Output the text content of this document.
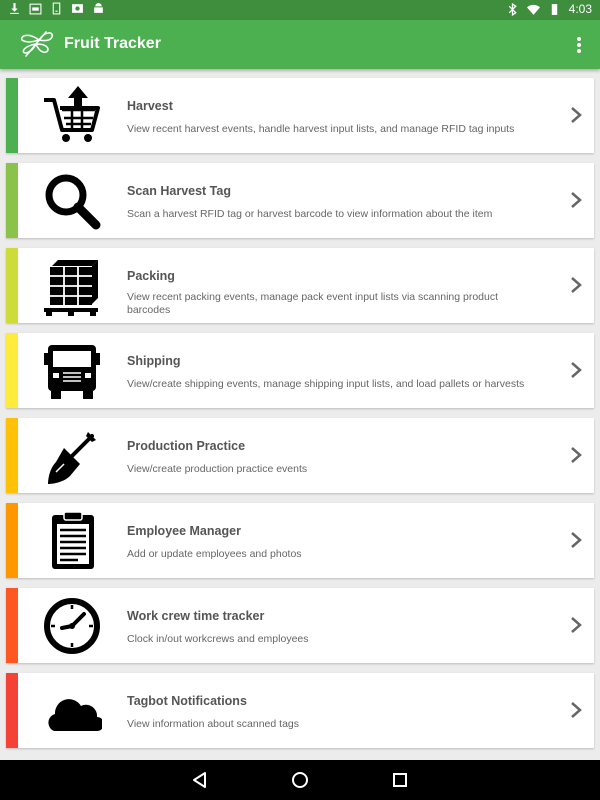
4:03
Fruit Tracker
Harvest
View recent harvest events, handle harvest input lists, and manage RFID tag inputs
Scan Harvest Tag
Scan a harvest RFID tag or harvest barcode to view information about the item
Packing
View recent packing events, manage pack event input lists via scanning product barcodes
Shipping
View/create shipping events, manage shipping input lists, and load pallets or harvests
Production Practice
View/create production practice events
Employee Manager
Add or update employees and photos
Work crew time tracker
Clock in/out workcrews and employees
Tagbot Notifications
View information about scanned tags
